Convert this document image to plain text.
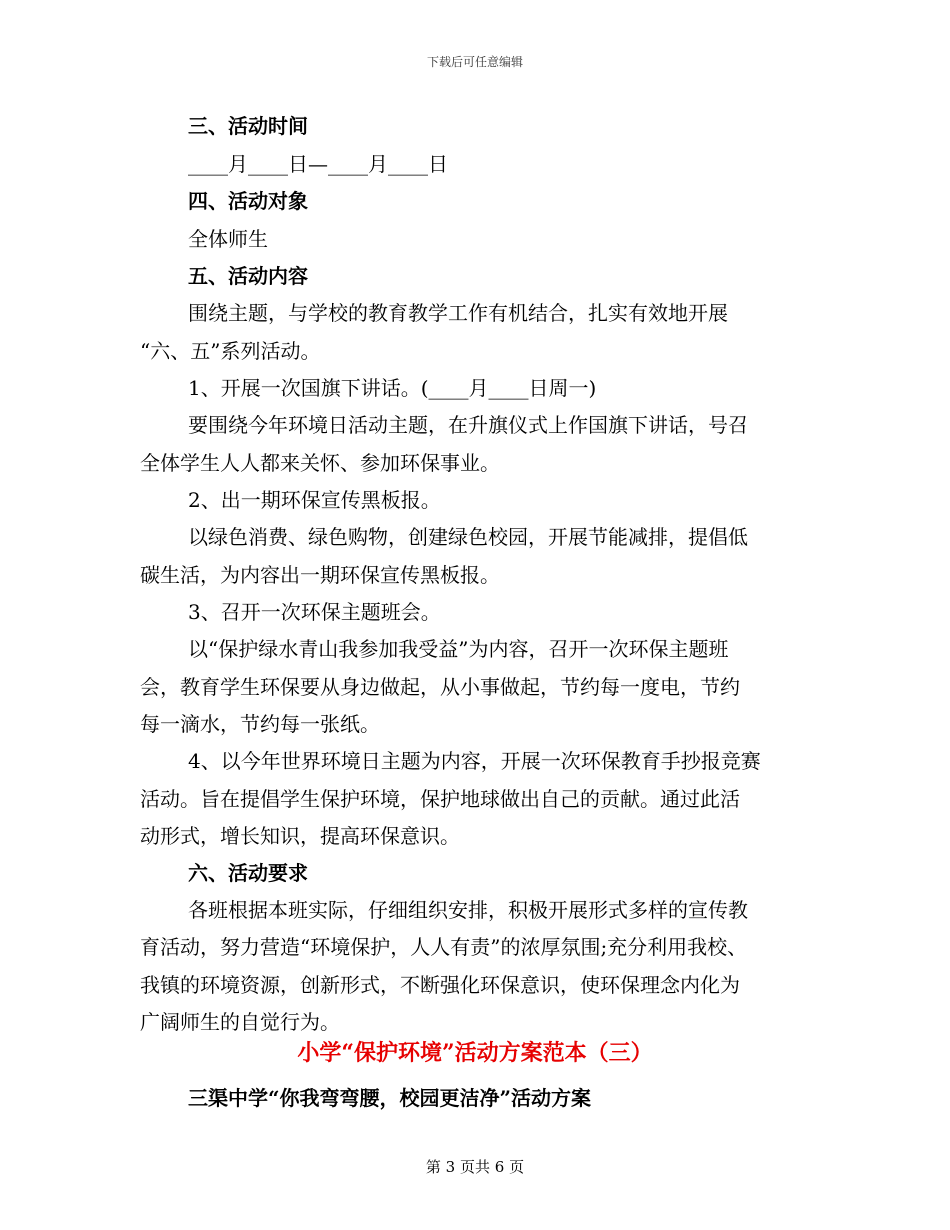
下载后可任意编辑
三、活动时间
____月____日—____月____日
四、活动对象
全体师生
五、活动内容
围绕主题，与学校的教育教学工作有机结合，扎实有效地开展
“六、五”系列活动。
1、开展一次国旗下讲话。(____月____日周一)
要围绕今年环境日活动主题，在升旗仪式上作国旗下讲话，号召
全体学生人人都来关怀、参加环保事业。
2、出一期环保宣传黑板报。
以绿色消费、绿色购物，创建绿色校园，开展节能减排，提倡低
碳生活，为内容出一期环保宣传黑板报。
3、召开一次环保主题班会。
以“保护绿水青山我参加我受益”为内容，召开一次环保主题班
会，教育学生环保要从身边做起，从小事做起，节约每一度电，节约
每一滴水，节约每一张纸。
4、以今年世界环境日主题为内容，开展一次环保教育手抄报竞赛
活动。旨在提倡学生保护环境，保护地球做出自己的贡献。通过此活
动形式，增长知识，提高环保意识。
六、活动要求
各班根据本班实际，仔细组织安排，积极开展形式多样的宣传教
育活动，努力营造“环境保护，人人有责”的浓厚氛围;充分利用我校、
我镇的环境资源，创新形式，不断强化环保意识，使环保理念内化为
广阔师生的自觉行为。
小学“保护环境”活动方案范本（三）
三渠中学“你我弯弯腰，校园更洁净”活动方案
第 3 页共 6 页
